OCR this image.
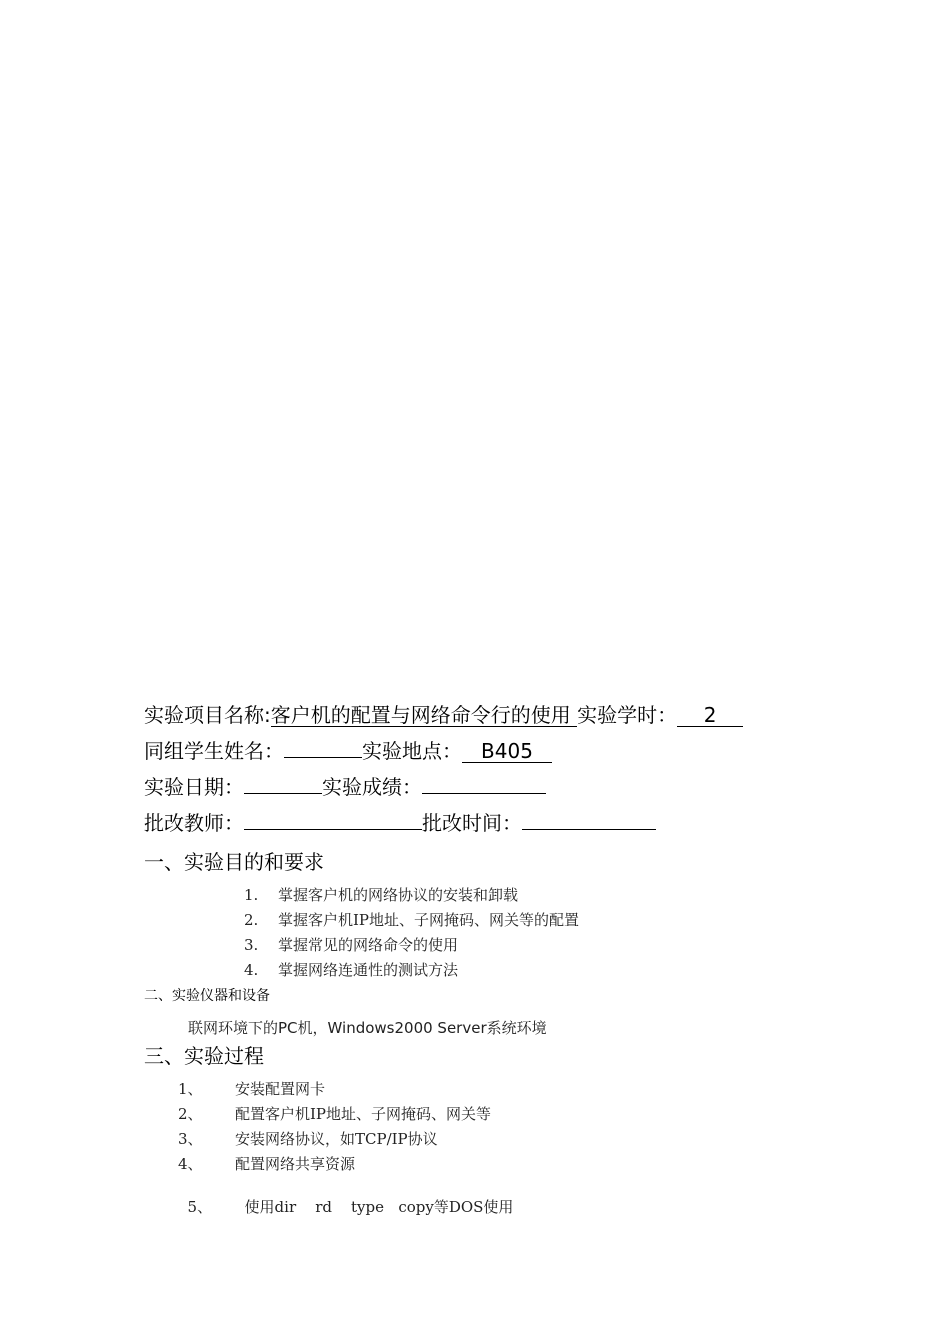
实验项目名称:客户机的配置与网络命令行的使用 实验学时： 2
同组学生姓名：	实验地点： B405
实验日期：	实验成绩：
批改教师：	批改时间：
一、实验目的和要求
1. 掌握客户机的网络协议的安装和卸载
2. 掌握客户机IP地址、子网掩码、网关等的配置
3. 掌握常见的网络命令的使用
4. 掌握网络连通性的测试方法
二、实验仪器和设备
联网环境下的PC机，Windows2000 Server系统环境
三、实验过程
1、 安装配置网卡
2、 配置客户机IP地址、子网掩码、网关等
3、 安装网络协议，如TCP/IP协议
4、 配置网络共享资源

5、 使用dir    rd    type   copy等DOS使用
